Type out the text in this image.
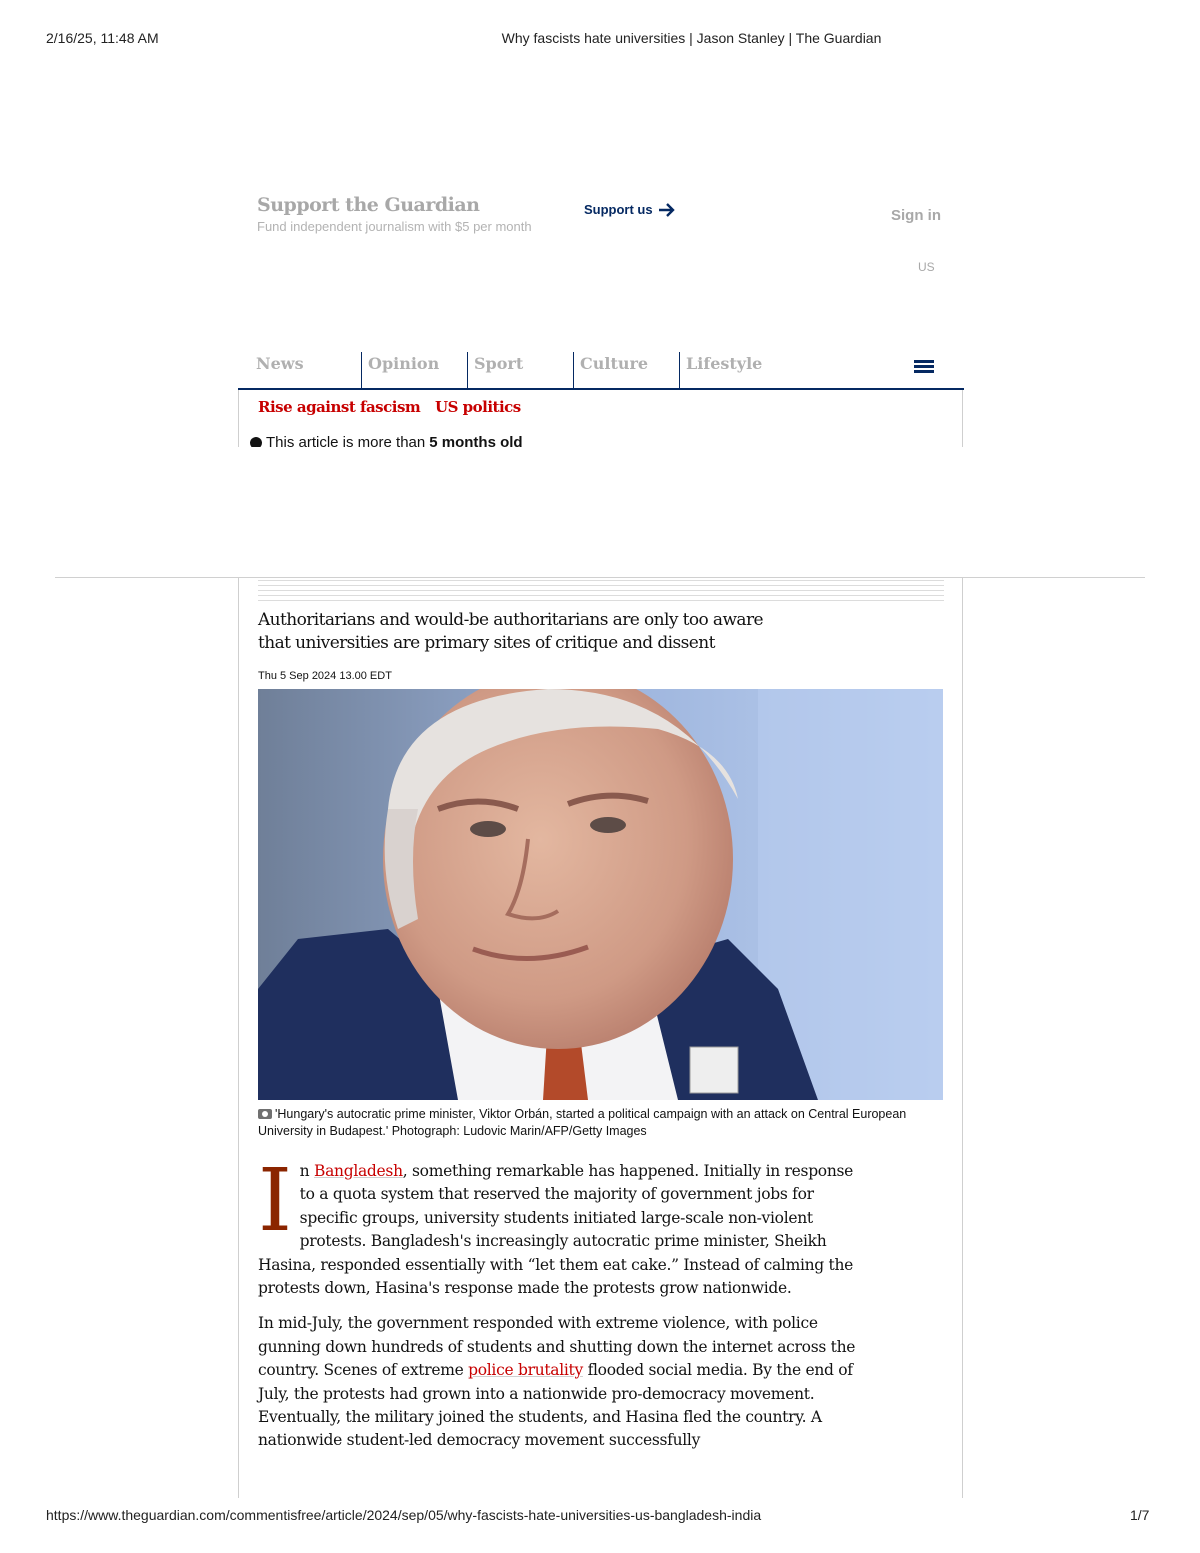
2/16/25, 11:48 AM	Why fascists hate universities | Jason Stanley | The Guardian
Support the Guardian
Fund independent journalism with $5 per month
Support us	Sign in
US
News	Opinion	Sport	Culture	Lifestyle
Rise against fascism US politics
This article is more than 5 months old
Authoritarians and would-be authoritarians are only too aware that universities are primary sites of critique and dissent
Thu 5 Sep 2024 13.00 EDT
'Hungary's autocratic prime minister, Viktor Orbán, started a political campaign with an attack on Central European University in Budapest.' Photograph: Ludovic Marin/AFP/Getty Images

In Bangladesh, something remarkable has happened. Initially in response to a quota system that reserved the majority of government jobs for specific groups, university students initiated large-scale non-violent protests. Bangladesh's increasingly autocratic prime minister, Sheikh Hasina, responded essentially with “let them eat cake.” Instead of calming the protests down, Hasina's response made the protests grow nationwide.

In mid-July, the government responded with extreme violence, with police gunning down hundreds of students and shutting down the internet across the country. Scenes of extreme police brutality flooded social media. By the end of July, the protests had grown into a nationwide pro-democracy movement. Eventually, the military joined the students, and Hasina fled the country. A nationwide student-led democracy movement successfully

https://www.theguardian.com/commentisfree/article/2024/sep/05/why-fascists-hate-universities-us-bangladesh-india	1/7
